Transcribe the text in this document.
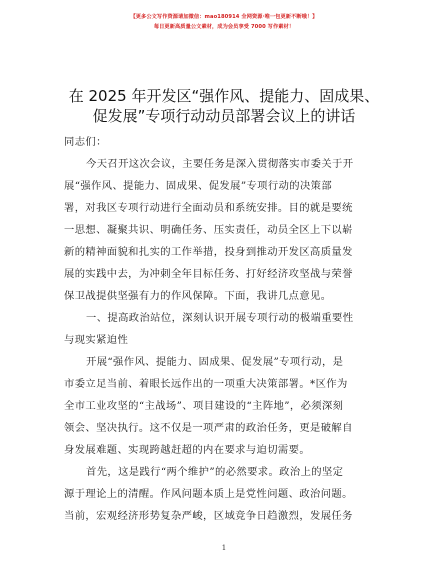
【更多公文写作资源请加微信：mao180914 全网资源·唯一包更新不断哦！】
每日更新高质量公文素材，成为会员享受 7000 写作素材！
在 2025 年开发区“强作风、提能力、固成果、
促发展”专项行动动员部署会议上的讲话
同志们：
今天召开这次会议，主要任务是深入贯彻落实市委关于开
展“强作风、提能力、固成果、促发展”专项行动的决策部
署，对我区专项行动进行全面动员和系统安排。目的就是要统
一思想、凝聚共识、明确任务、压实责任，动员全区上下以崭
新的精神面貌和扎实的工作举措，投身到推动开发区高质量发
展的实践中去，为冲刺全年目标任务、打好经济攻坚战与荣誉
保卫战提供坚强有力的作风保障。下面，我讲几点意见。
一、提高政治站位，深刻认识开展专项行动的极端重要性
与现实紧迫性
开展“强作风、提能力、固成果、促发展”专项行动，是
市委立足当前、着眼长远作出的一项重大决策部署。*区作为
全市工业攻坚的“主战场”、项目建设的“主阵地”，必须深刻
领会、坚决执行。这不仅是一项严肃的政治任务，更是破解自
身发展难题、实现跨越赶超的内在要求与迫切需要。
首先，这是践行“两个维护”的必然要求。政治上的坚定
源于理论上的清醒。作风问题本质上是党性问题、政治问题。
当前，宏观经济形势复杂严峻，区域竞争日趋激烈，发展任务
1
